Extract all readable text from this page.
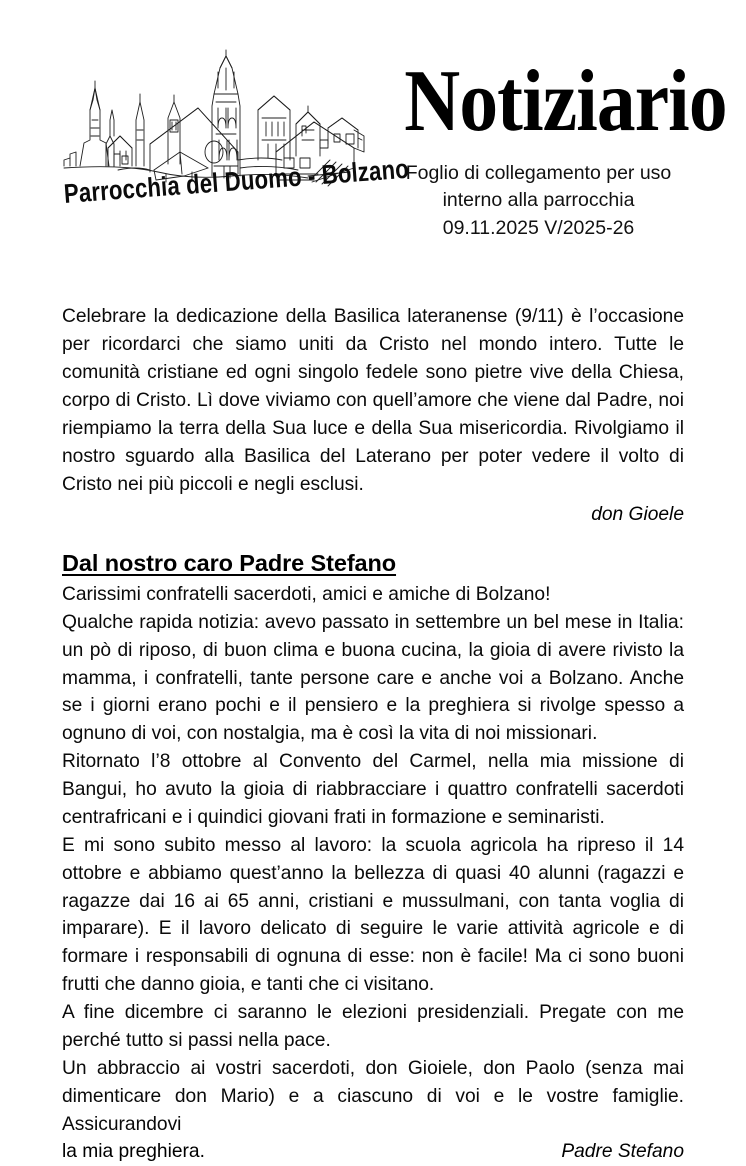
Parrocchia del Duomo - Bolzano
Notiziario
Foglio di collegamento per uso
interno alla parrocchia
09.11.2025 V/2025-26

Celebrare la dedicazione della Basilica lateranense (9/11) è l’occasione per ricordarci che siamo uniti da Cristo nel mondo intero. Tutte le comunità cristiane ed ogni singolo fedele sono pietre vive della Chiesa, corpo di Cristo. Lì dove viviamo con quell’amore che viene dal Padre, noi riempiamo la terra della Sua luce e della Sua misericordia. Rivolgiamo il nostro sguardo alla Basilica del Laterano per poter vedere il volto di Cristo nei più piccoli e negli esclusi.

don Gioele
Dal nostro caro Padre Stefano

Carissimi confratelli sacerdoti, amici e amiche di Bolzano!

Qualche rapida notizia: avevo passato in settembre un bel mese in Italia: un pò di riposo, di buon clima e buona cucina, la gioia di avere rivisto la mamma, i confratelli, tante persone care e anche voi a Bolzano. Anche se i giorni erano pochi e il pensiero e la preghiera si rivolge spesso a ognuno di voi, con nostalgia, ma è così la vita di noi missionari.

Ritornato l’8 ottobre al Convento del Carmel, nella mia missione di Bangui, ho avuto la gioia di riabbracciare i quattro confratelli sacerdoti centrafricani e i quindici giovani frati in formazione e seminaristi.

E mi sono subito messo al lavoro: la scuola agricola ha ripreso il 14 ottobre e abbiamo quest’anno la bellezza di quasi 40 alunni (ragazzi e ragazze dai 16 ai 65 anni, cristiani e mussulmani, con tanta voglia di imparare). E il lavoro delicato di seguire le varie attività agricole e di formare i responsabili di ognuna di esse: non è facile! Ma ci sono buoni frutti che danno gioia, e tanti che ci visitano.

A fine dicembre ci saranno le elezioni presidenziali. Pregate con me perché tutto si passi nella pace.

Un abbraccio ai vostri sacerdoti, don Gioiele, don Paolo (senza mai dimenticare don Mario) e a ciascuno di voi e le vostre famiglie. Assicurandovi

la mia preghiera.	Padre Stefano
